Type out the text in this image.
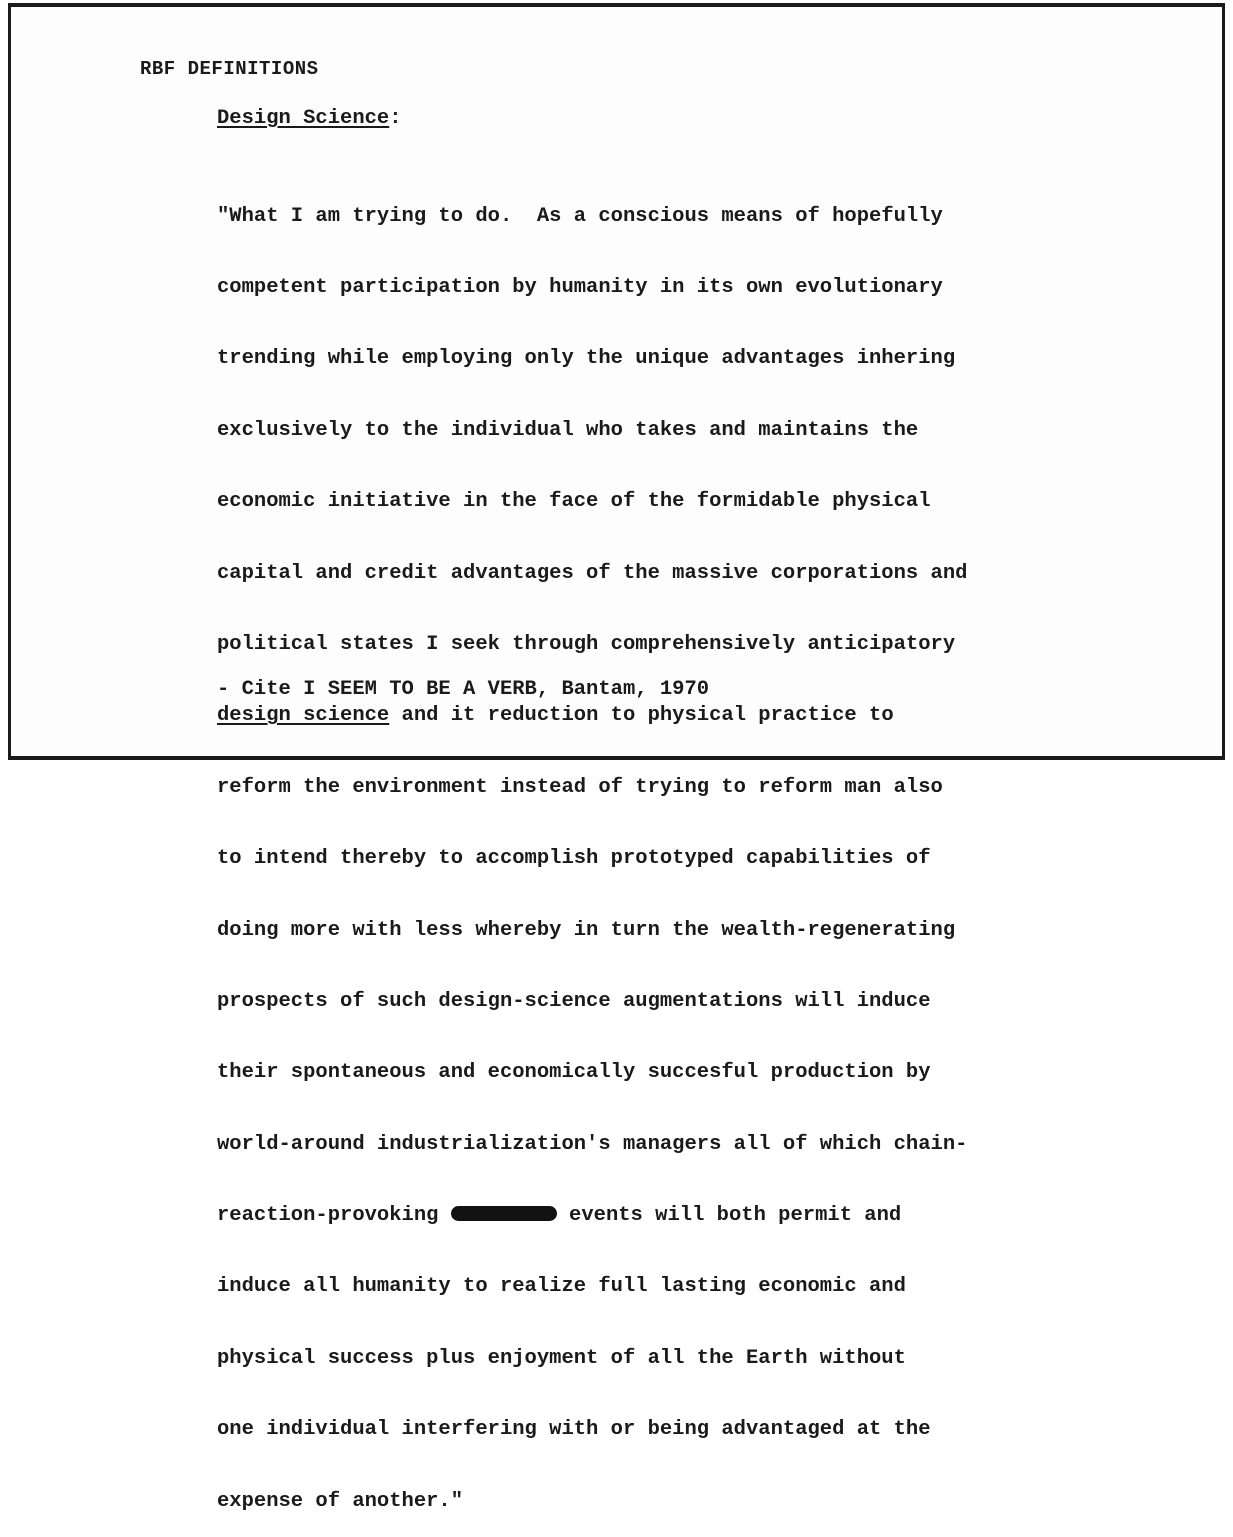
RBF DEFINITIONS
Design Science:

"What I am trying to do.  As a conscious means of hopefully

competent participation by humanity in its own evolutionary

trending while employing only the unique advantages inhering

exclusively to the individual who takes and maintains the

economic initiative in the face of the formidable physical

capital and credit advantages of the massive corporations and

political states I seek through comprehensively anticipatory

design science and it reduction to physical practice to

reform the environment instead of trying to reform man also

to intend thereby to accomplish prototyped capabilities of

doing more with less whereby in turn the wealth-regenerating

prospects of such design-science augmentations will induce

their spontaneous and economically succesful production by

world-around industrialization's managers all of which chain-

reaction-provoking	events will both permit and

induce all humanity to realize full lasting economic and

physical success plus enjoyment of all the Earth without

one individual interfering with or being advantaged at the

expense of another."

- Cite I SEEM TO BE A VERB, Bantam, 1970
